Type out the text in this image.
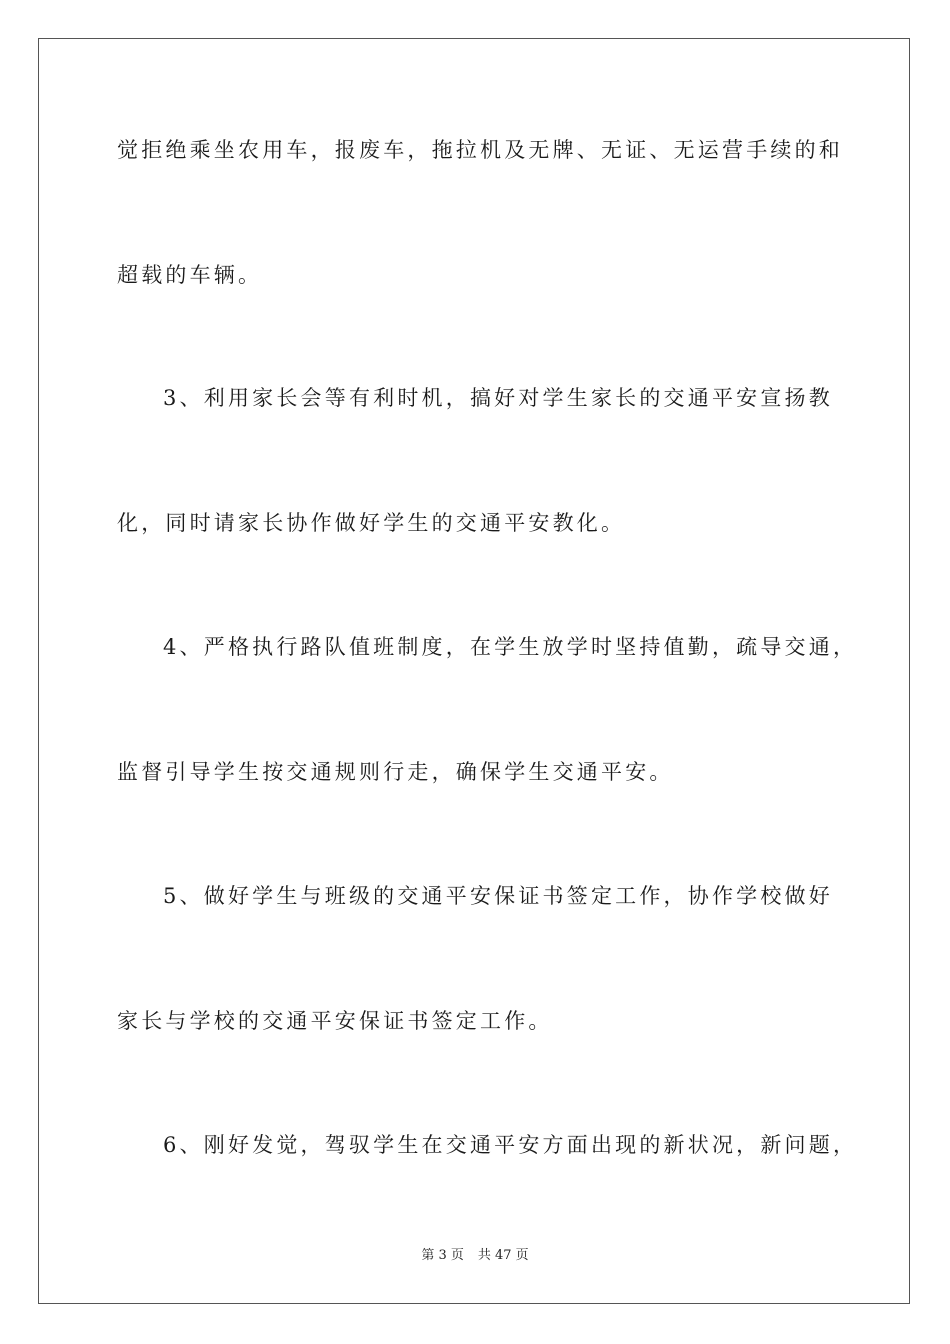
觉拒绝乘坐农用车，报废车，拖拉机及无牌、无证、无运营手续的和
超载的车辆。
3、利用家长会等有利时机，搞好对学生家长的交通平安宣扬教
化，同时请家长协作做好学生的交通平安教化。
4、严格执行路队值班制度，在学生放学时坚持值勤，疏导交通，
监督引导学生按交通规则行走，确保学生交通平安。
5、做好学生与班级的交通平安保证书签定工作，协作学校做好
家长与学校的交通平安保证书签定工作。
6、刚好发觉，驾驭学生在交通平安方面出现的新状况，新问题，
第 3 页 共 47 页
